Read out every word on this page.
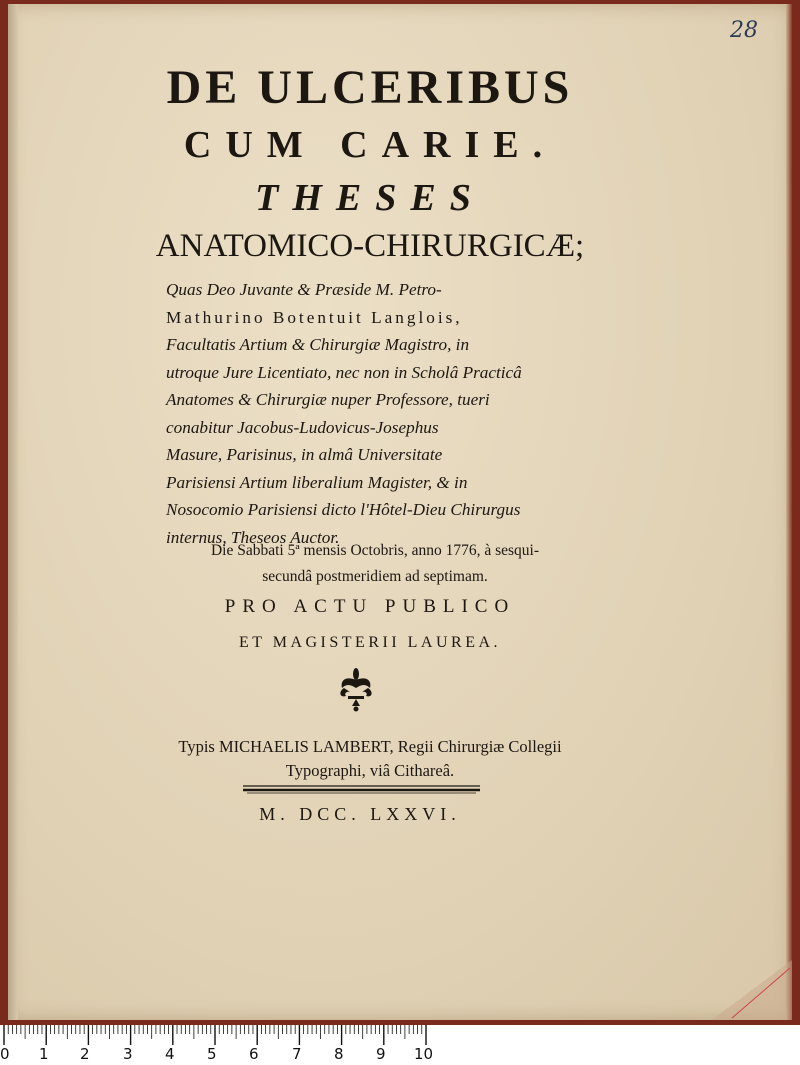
28
DE ULCERIBUS
CUM CARIE.
THESES
ANATOMICO-CHIRURGICÆ;
Quas Deo Juvante & Præside M. Petro-
Mathurino Botentuit Langlois,
Facultatis Artium & Chirurgiæ Magistro, in
utroque Jure Licentiato, nec non in Scholâ Practicâ
Anatomes & Chirurgiæ nuper Professore, tueri
conabitur Jacobus-Ludovicus-Josephus
Masure, Parisinus, in almâ Universitate
Parisiensi Artium liberalium Magister, & in
Nosocomio Parisiensi dicto l'Hôtel-Dieu Chirurgus
internus, Theseos Auctor.
Die Sabbati 5ª mensis Octobris, anno 1776, à sesqui-
secundâ postmeridiem ad septimam.
PRO ACTU PUBLICO
ET MAGISTERII LAUREA.
Typis MICHAELIS LAMBERT, Regii Chirurgiæ Collegii
Typographi, viâ Cithareâ.
M. DCC. LXXVI.
0 1 2 3 4 5 6 7 8 9 10
